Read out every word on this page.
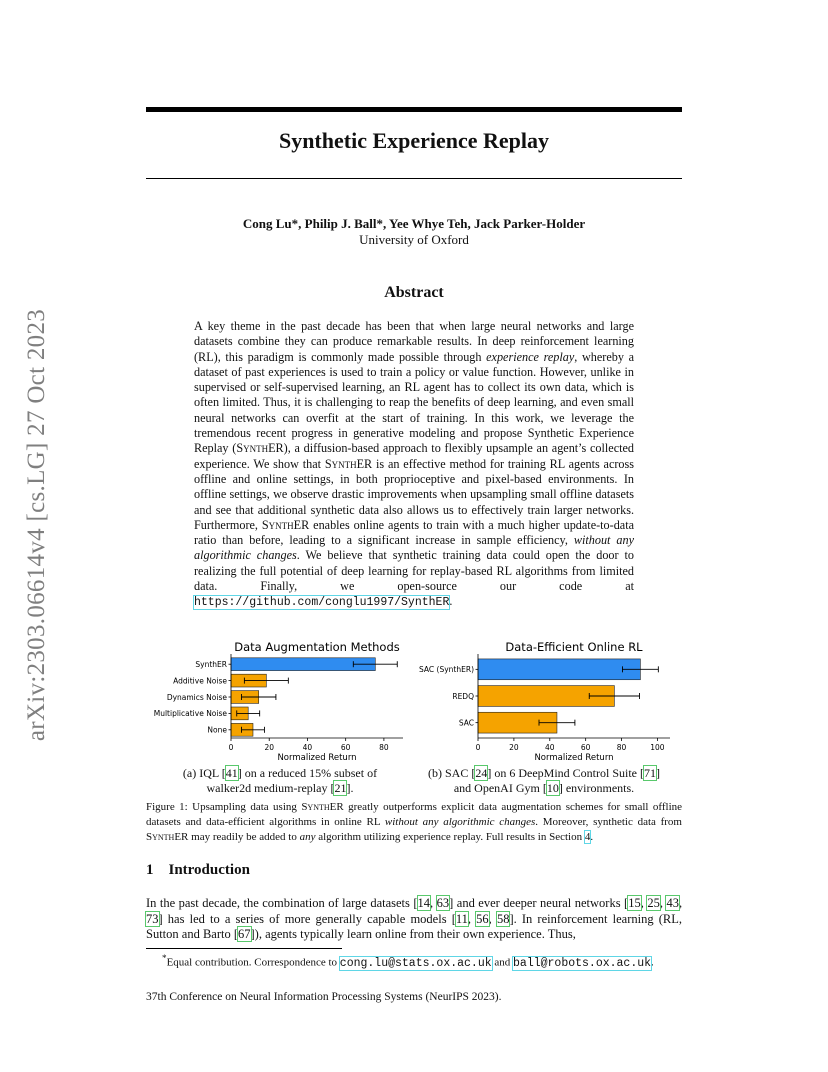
arXiv:2303.06614v4 [cs.LG] 27 Oct 2023
Synthetic Experience Replay
Cong Lu*, Philip J. Ball*, Yee Whye Teh, Jack Parker-Holder
University of Oxford
Abstract
A key theme in the past decade has been that when large neural networks and large datasets combine they can produce remarkable results. In deep reinforcement learning (RL), this paradigm is commonly made possible through experience replay, whereby a dataset of past experiences is used to train a policy or value function. However, unlike in supervised or self-supervised learning, an RL agent has to collect its own data, which is often limited. Thus, it is challenging to reap the benefits of deep learning, and even small neural networks can overfit at the start of training. In this work, we leverage the tremendous recent progress in generative modeling and propose Synthetic Experience Replay (SynthER), a diffusion-based approach to flexibly upsample an agent’s collected experience. We show that SynthER is an effective method for training RL agents across offline and online settings, in both proprioceptive and pixel-based environments. In offline settings, we observe drastic improvements when upsampling small offline datasets and see that additional synthetic data also allows us to effectively train larger networks. Furthermore, SynthER enables online agents to train with a much higher update-to-data ratio than before, leading to a significant increase in sample efficiency, without any algorithmic changes. We believe that synthetic training data could open the door to realizing the full potential of deep learning for replay-based RL algorithms from limited data. Finally, we open-source our code at https://github.com/conglu1997/SynthER.
Data Augmentation Methods
SynthER
Additive Noise
Dynamics Noise
Multiplicative Noise
None
0	20	40	60	80
Normalized Return
Data-Efficient Online RL
SAC (SynthER)
REDQ
SAC
0	20	40	60	80	100
Normalized Return
(a) IQL [41] on a reduced 15% subset of
walker2d medium-replay [21].
(b) SAC [24] on 6 DeepMind Control Suite [71]
and OpenAI Gym [10] environments.
Figure 1: Upsampling data using SynthER greatly outperforms explicit data augmentation schemes for small offline datasets and data-efficient algorithms in online RL without any algorithmic changes. Moreover, synthetic data from SynthER may readily be added to any algorithm utilizing experience replay. Full results in Section 4.
1 Introduction
In the past decade, the combination of large datasets [14, 63] and ever deeper neural networks [15, 25, 43, 73] has led to a series of more generally capable models [11, 56, 58]. In reinforcement learning (RL, Sutton and Barto [67]), agents typically learn online from their own experience. Thus,
*Equal contribution. Correspondence to cong.lu@stats.ox.ac.uk and ball@robots.ox.ac.uk.
37th Conference on Neural Information Processing Systems (NeurIPS 2023).
